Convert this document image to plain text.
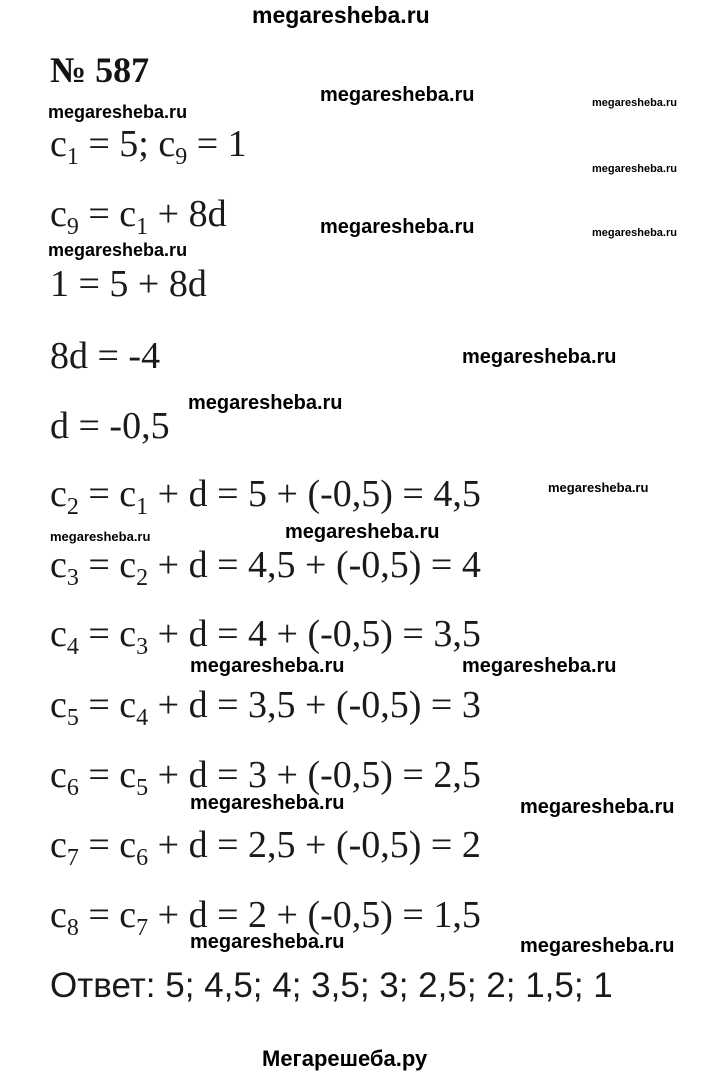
megaresheba.ru
megaresheba.ru
megaresheba.ru	megaresheba.ru
megaresheba.ru
megaresheba.ru	megaresheba.ru
megaresheba.ru
megaresheba.ru
megaresheba.ru
megaresheba.ru
megaresheba.ru	megaresheba.ru
megaresheba.ru	megaresheba.ru
megaresheba.ru	megaresheba.ru
megaresheba.ru	megaresheba.ru
№ 587
$c_1 = 5$; $c_9 = 1$
$c_9 = c_1 + 8d$
1 = 5 + 8d
8d = -4
d = -0,5
$c_2 = c_1 + d = 5 + (-0,5) = 4,5$
$c_3 = c_2 + d = 4,5 + (-0,5) = 4$
$c_4 = c_3 + d = 4 + (-0,5) = 3,5$
$c_5 = c_4 + d = 3,5 + (-0,5) = 3$
$c_6 = c_5 + d = 3 + (-0,5) = 2,5$
$c_7 = c_6 + d = 2,5 + (-0,5) = 2$
$c_8 = c_7 + d = 2 + (-0,5) = 1,5$
Ответ: 5; 4,5; 4; 3,5; 3; 2,5; 2; 1,5; 1
Мегарешеба.ру
